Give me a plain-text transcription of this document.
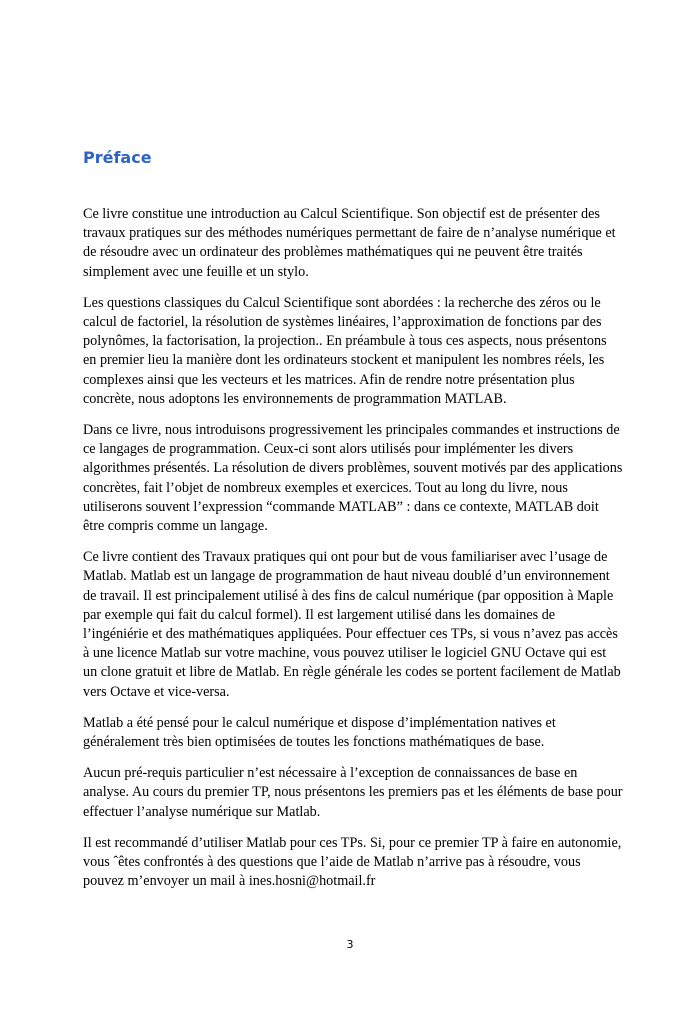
Préface

Ce livre constitue une introduction au Calcul Scientifique. Son objectif est de présenter des travaux pratiques sur des méthodes numériques permettant de faire de n’analyse numérique et de résoudre avec un ordinateur des problèmes mathématiques qui ne peuvent être traités simplement avec une feuille et un stylo.

Les questions classiques du Calcul Scientifique sont abordées : la recherche des zéros ou le calcul de factoriel, la résolution de systèmes linéaires, l’approximation de fonctions par des polynômes, la factorisation, la projection.. En préambule à tous ces aspects, nous présentons en premier lieu la manière dont les ordinateurs stockent et manipulent les nombres réels, les complexes ainsi que les vecteurs et les matrices. Afin de rendre notre présentation plus concrète, nous adoptons les environnements de programmation MATLAB.

Dans ce livre, nous introduisons progressivement les principales commandes et instructions de ce langages de programmation. Ceux-ci sont alors utilisés pour implémenter les divers algorithmes présentés. La résolution de divers problèmes, souvent motivés par des applications concrètes, fait l’objet de nombreux exemples et exercices. Tout au long du livre, nous utiliserons souvent l’expression “commande MATLAB” : dans ce contexte, MATLAB doit être compris comme un langage.

Ce livre contient des Travaux pratiques qui ont pour but de vous familiariser avec l’usage de Matlab. Matlab est un langage de programmation de haut niveau doublé d’un environnement de travail. Il est principalement utilisé à des fins de calcul numérique (par opposition à Maple par exemple qui fait du calcul formel). Il est largement utilisé dans les domaines de l’ingéniérie et des mathématiques appliquées. Pour effectuer ces TPs, si vous n’avez pas accès à une licence Matlab sur votre machine, vous pouvez utiliser le logiciel GNU Octave qui est un clone gratuit et libre de Matlab. En règle générale les codes se portent facilement de Matlab vers Octave et vice-versa.

Matlab a été pensé pour le calcul numérique et dispose d’implémentation natives et généralement très bien optimisées de toutes les fonctions mathématiques de base.

Aucun pré-requis particulier n’est nécessaire à l’exception de connaissances de base en analyse. Au cours du premier TP, nous présentons les premiers pas et les éléments de base pour effectuer l’analyse numérique sur Matlab.

Il est recommandé d’utiliser Matlab pour ces TPs. Si, pour ce premier TP à faire en autonomie, vous ˆêtes confrontés à des questions que l’aide de Matlab n’arrive pas à résoudre, vous pouvez m’envoyer un mail à ines.hosni@hotmail.fr

3
